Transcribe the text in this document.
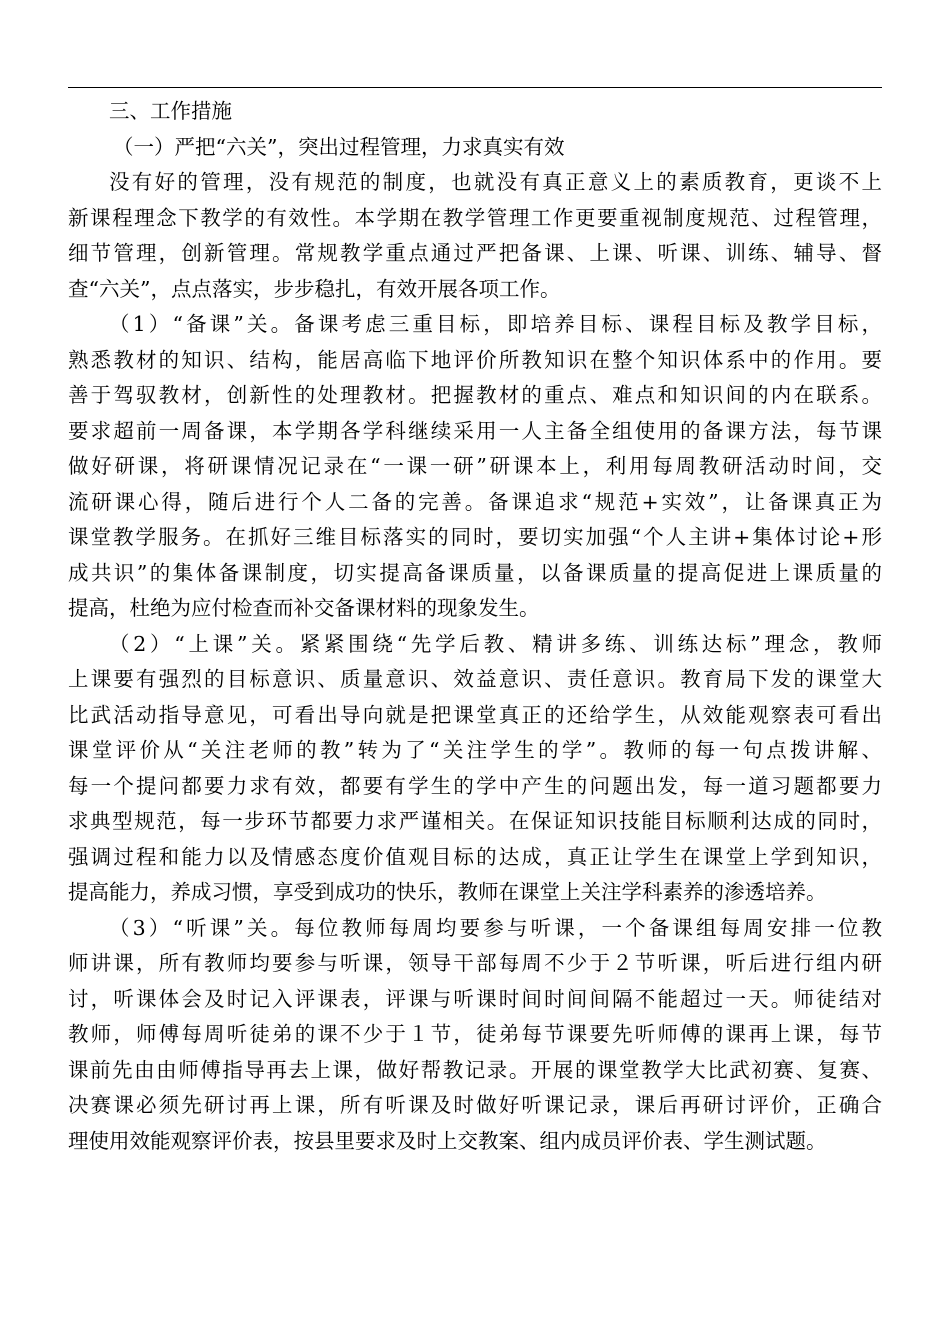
三、工作措施
（一）严把“六关”，突出过程管理，力求真实有效
没有好的管理，没有规范的制度，也就没有真正意义上的素质教育，更谈不上
新课程理念下教学的有效性。本学期在教学管理工作更要重视制度规范、过程管理，
细节管理，创新管理。常规教学重点通过严把备课、上课、听课、训练、辅导、督
查“六关”，点点落实，步步稳扎，有效开展各项工作。
（1）“备课”关。备课考虑三重目标，即培养目标、课程目标及教学目标，
熟悉教材的知识、结构，能居高临下地评价所教知识在整个知识体系中的作用。要
善于驾驭教材，创新性的处理教材。把握教材的重点、难点和知识间的内在联系。
要求超前一周备课，本学期各学科继续采用一人主备全组使用的备课方法，每节课
做好研课，将研课情况记录在“一课一研”研课本上，利用每周教研活动时间，交
流研课心得，随后进行个人二备的完善。备课追求“规范+实效”，让备课真正为
课堂教学服务。在抓好三维目标落实的同时，要切实加强“个人主讲+集体讨论+形
成共识”的集体备课制度，切实提高备课质量，以备课质量的提高促进上课质量的
提高，杜绝为应付检查而补交备课材料的现象发生。
（2）“上课”关。紧紧围绕“先学后教、精讲多练、训练达标”理念，教师
上课要有强烈的目标意识、质量意识、效益意识、责任意识。教育局下发的课堂大
比武活动指导意见，可看出导向就是把课堂真正的还给学生，从效能观察表可看出
课堂评价从“关注老师的教”转为了“关注学生的学”。教师的每一句点拨讲解、
每一个提问都要力求有效，都要有学生的学中产生的问题出发，每一道习题都要力
求典型规范，每一步环节都要力求严谨相关。在保证知识技能目标顺利达成的同时，
强调过程和能力以及情感态度价值观目标的达成，真正让学生在课堂上学到知识，
提高能力，养成习惯，享受到成功的快乐，教师在课堂上关注学科素养的渗透培养。
（3）“听课”关。每位教师每周均要参与听课，一个备课组每周安排一位教
师讲课，所有教师均要参与听课，领导干部每周不少于２节听课，听后进行组内研
讨，听课体会及时记入评课表，评课与听课时间时间间隔不能超过一天。师徒结对
教师，师傅每周听徒弟的课不少于１节，徒弟每节课要先听师傅的课再上课，每节
课前先由由师傅指导再去上课，做好帮教记录。开展的课堂教学大比武初赛、复赛、
决赛课必须先研讨再上课，所有听课及时做好听课记录，课后再研讨评价，正确合
理使用效能观察评价表，按县里要求及时上交教案、组内成员评价表、学生测试题。
